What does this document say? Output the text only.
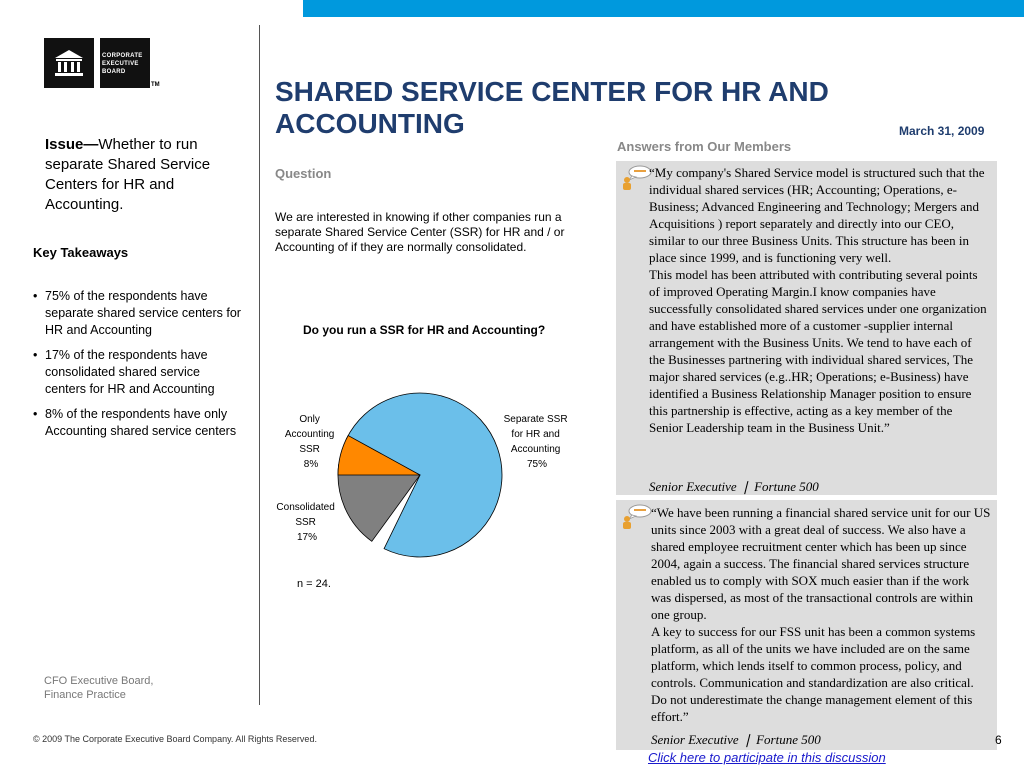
CORPORATE
EXECUTIVE
BOARD
TM
Issue—Whether to run separate Shared Service Centers for HR and Accounting.
Key Takeaways
• 75% of the respondents have separate shared service centers for HR and Accounting
• 17% of the respondents have consolidated shared service centers for HR and Accounting
• 8% of the respondents have only Accounting shared service centers
CFO Executive Board,
Finance Practice
© 2009 The Corporate Executive Board Company. All Rights Reserved.
SHARED SERVICE CENTER FOR HR AND ACCOUNTING	March 31, 2009
Question
We are interested in knowing if other companies run a separate Shared Service Center (SSR) for HR and / or Accounting of if they are normally consolidated.
Do you run a SSR for HR and Accounting?
Separate SSR for HR and Accounting 75%
Only Accounting SSR 8%
Consolidated SSR 17%
n = 24.
Answers from Our Members
“My company's Shared Service model is structured such that the individual shared services (HR; Accounting; Operations, e-Business; Advanced Engineering and Technology; Mergers and Acquisitions ) report separately and directly into our CEO, similar to our three Business Units. This structure has been in place since 1999, and is functioning very well.
This model has been attributed with contributing several points of improved Operating Margin.I know companies have successfully consolidated shared services under one organization and have established more of a customer -supplier internal arrangement with the Business Units. We tend to have each of the Businesses partnering with individual shared services, The major shared services (e.g..HR; Operations; e-Business) have identified a Business Relationship Manager position to ensure this partnership is effective, acting as a key member of the Senior Leadership team in the Business Unit.”
Senior Executive ❘ Fortune 500
“We have been running a financial shared service unit for our US units since 2003 with a great deal of success. We also have a shared employee recruitment center which has been up since 2004, again a success. The financial shared services structure enabled us to comply with SOX much easier than if the work was dispersed, as most of the transactional controls are within one group.
A key to success for our FSS unit has been a common systems platform, as all of the units we have included are on the same platform, which lends itself to common process, policy, and controls. Communication and standardization are also critical. Do not underestimate the change management element of this effort.”
Senior Executive ❘ Fortune 500	6
Click here to participate in this discussion
